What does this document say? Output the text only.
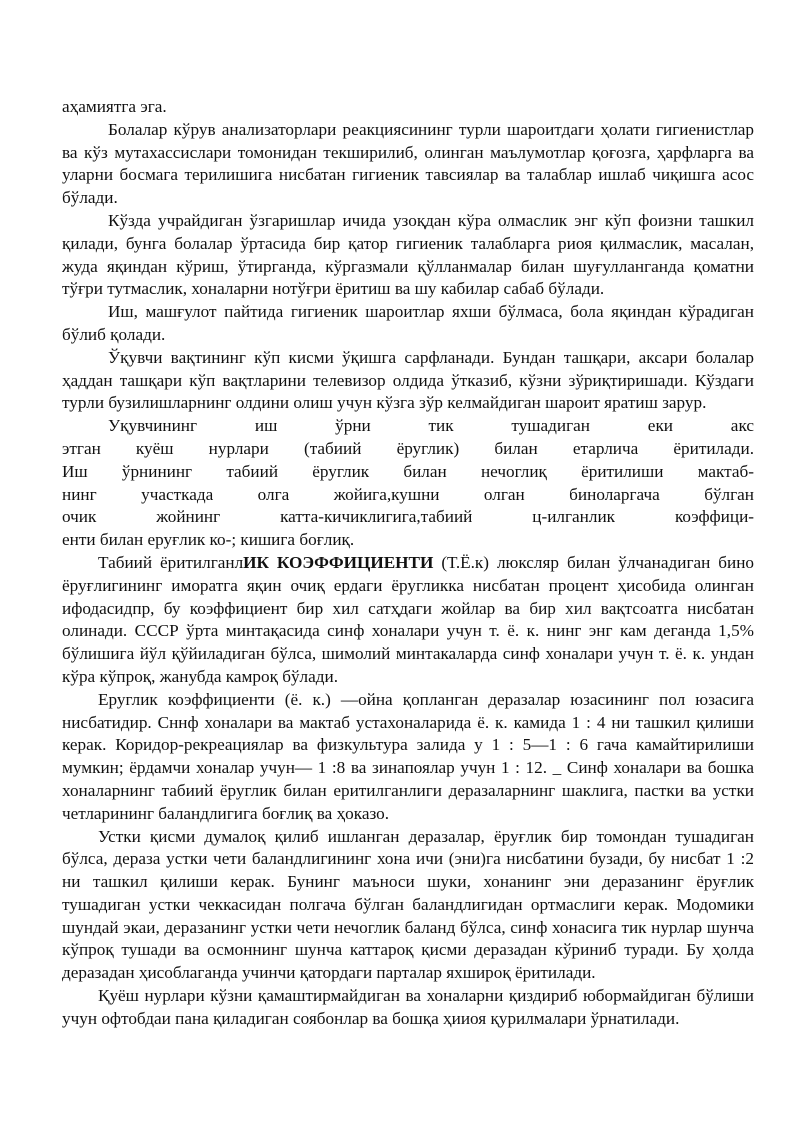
аҳамиятга эга.

Болалар кўрув анализаторлари реакциясининг турли шароитдаги ҳолати гигиенистлар ва кўз мутахассислари томонидан текширилиб, олинган маълумотлар қоғозга, ҳарфларга ва уларни босмага терилишига нисбатан гигиеник тавсиялар ва талаблар ишлаб чиқишга асос бўлади.

Кўзда учрайдиган ўзгаришлар ичида узоқдан кўра олмаслик энг кўп фоизни ташкил қилади, бунга болалар ўртасида бир қатор гигиеник талабларга риоя қилмаслик, масалан, жуда яқиндан кўриш, ўтирганда, кўргазмали қўлланмалар билан шуғулланганда қоматни тўғри тутмаслик, хоналарни нотўғри ёритиш ва шу кабилар сабаб бўлади.

Иш, машғулот пайтида гигиеник шароитлар яхши бўлмаса, бола яқиндан кўрадиган бўлиб қолади.

Ўқувчи вақтининг кўп кисми ўқишга сарфланади. Бундан ташқари, аксари болалар ҳаддан ташқари кўп вақтларини телевизор олдида ўтказиб, кўзни зўриқтиришади. Кўздаги турли бузилишларнинг олдини олиш учун кўзга зўр келмайдиган шароит яратиш зарур.

Уқувчининг иш ўрни тик тушадиган еки акс

этган куёш нурлари (табиий ёруглик) билан етарлича ёритилади.

Иш ўрнининг табиий ёруглик билан нечоглиқ ёритилиши мактаб-

нинг участкада олга жойига,кушни олган биноларгача бўлган

очик жойнинг катта-кичиклигига,табиий ц-илганлик коэффици-

енти билан еруғлик ко-; кишига боғлиқ.

Табиий ёритилганлИК КОЭФФИЦИЕНТИ (Т.Ё.к) люксляр билан ўлчанадиган бино ёруғлигининг иморатга яқин очиқ ердаги ёругликка нисбатан процент ҳисобида олинган ифодасидпр, бу коэффициент бир хил сатҳдаги жойлар ва бир хил вақтсоатга нисбатан олинади. СССР ўрта минтақасида синф хоналари учун т. ё. к. нинг энг кам деганда 1,5% бўлишига йўл қўйиладиган бўлса, шимолий минтакаларда синф хоналари учун т. ё. к. ундан кўра кўпроқ, жанубда камроқ бўлади.

Еруглик коэффициенти (ё. к.) —ойна қопланган деразалар юзасининг пол юзасига нисбатидир. Сннф хоналари ва мактаб устахоналарида ё. к. камида 1 : 4 ни ташкил қилиши керак. Коридор-рекреациялар ва физкультура залида у 1 : 5—1 : 6 гача камайтирилиши мумкин; ёрдамчи хоналар учун— 1 :8 ва зинапоялар учун 1 : 12. _ Синф хоналари ва бошка хоналарнинг табиий ёруглик билан еритилганлиги деразаларнинг шаклига, пастки ва устки четларининг баландлигига боғлиқ ва ҳоказо.

Устки қисми думалоқ қилиб ишланган деразалар, ёруғлик бир томондан тушадиган бўлса, дераза устки чети баландлигининг хона ичи (эни)га нисбатини бузади, бу нисбат 1 :2 ни ташкил қилиши керак. Бунинг маъноси шуки, хонанинг эни деразанинг ёруғлик тушадиган устки чеккасидан полгача бўлган баландлигидан ортмаслиги керак. Модомики шундай экаи, деразанинг устки чети нечоглик баланд бўлса, синф хонасига тик нурлар шунча кўпроқ тушади ва осмоннинг шунча каттароқ қисми деразадан кўриниб туради. Бу ҳолда деразадан ҳисоблаганда учинчи қатордаги парталар яхшироқ ёритилади.

Қуёш нурлари кўзни қамаштирмайдиган ва хоналарни қиздириб юбормайдиган бўлиши учун офтобдаи пана қиладиган соябонлар ва бошқа ҳииоя қурилмалари ўрнатилади.
